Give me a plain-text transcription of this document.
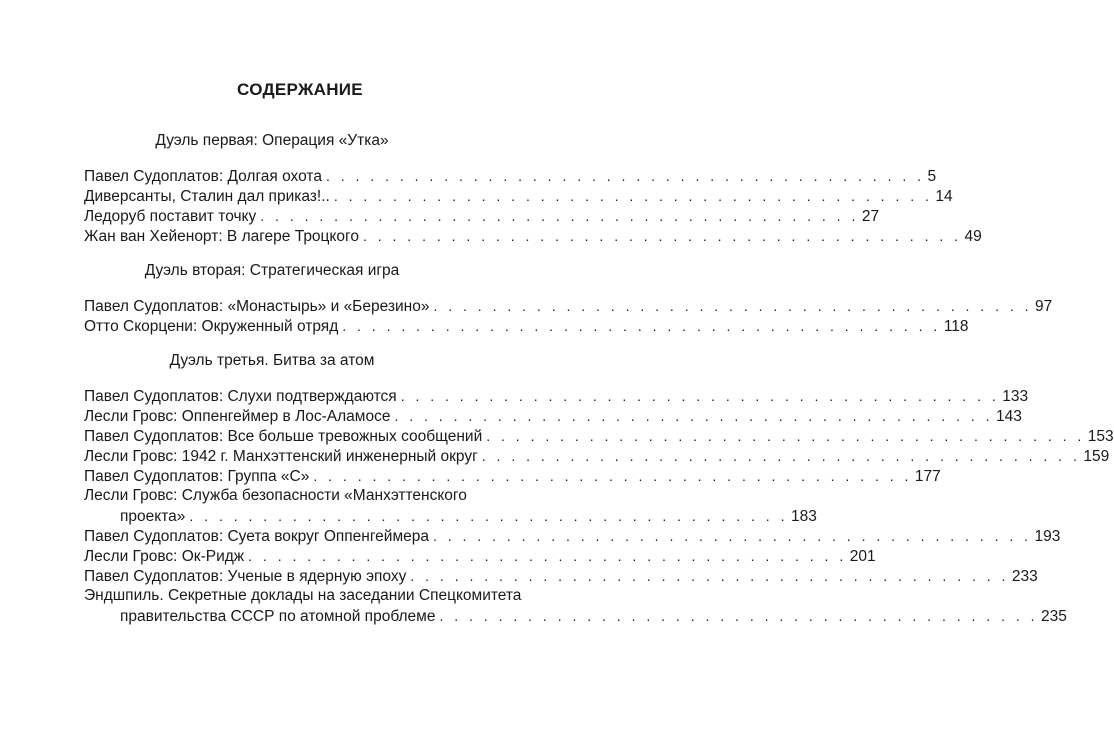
СОДЕРЖАНИЕ
Дуэль первая: Операция «Утка»
Павел Судоплатов: Долгая охота . . . . . . . . . . . . . . . . . . . . . . . . . . . . . . . . . . . . . . . . . 5
Диверсанты, Сталин дал приказ!.. . . . . . . . . . . . . . . . . . . . . . . . . . . . . . . . . . . . . . . . . . 14
Ледоруб поставит точку . . . . . . . . . . . . . . . . . . . . . . . . . . . . . . . . . . . . . . . . . 27
Жан ван Хейенорт: В лагере Троцкого . . . . . . . . . . . . . . . . . . . . . . . . . . . . . . . . . . . . . . . . . 49
Дуэль вторая: Стратегическая игра
Павел Судоплатов: «Монастырь» и «Березино» . . . . . . . . . . . . . . . . . . . . . . . . . . . . . . . . . . . . . . . . . 97
Отто Скорцени: Окруженный отряд . . . . . . . . . . . . . . . . . . . . . . . . . . . . . . . . . . . . . . . . . 118
Дуэль третья. Битва за атом
Павел Судоплатов: Слухи подтверждаются . . . . . . . . . . . . . . . . . . . . . . . . . . . . . . . . . . . . . . . . . 133
Лесли Гровс: Оппенгеймер в Лос-Аламосе . . . . . . . . . . . . . . . . . . . . . . . . . . . . . . . . . . . . . . . . . 143
Павел Судоплатов: Все больше тревожных сообщений . . . . . . . . . . . . . . . . . . . . . . . . . . . . . . . . . . . . . . . . . 153
Лесли Гровс: 1942 г. Манхэттенский инженерный округ . . . . . . . . . . . . . . . . . . . . . . . . . . . . . . . . . . . . . . . . . 159
Павел Судоплатов: Группа «С» . . . . . . . . . . . . . . . . . . . . . . . . . . . . . . . . . . . . . . . . . 177
Лесли Гровс: Служба безопасности «Манхэттенского
проекта» . . . . . . . . . . . . . . . . . . . . . . . . . . . . . . . . . . . . . . . . . 183
Павел Судоплатов: Суета вокруг Оппенгеймера . . . . . . . . . . . . . . . . . . . . . . . . . . . . . . . . . . . . . . . . . 193
Лесли Гровс: Ок-Ридж . . . . . . . . . . . . . . . . . . . . . . . . . . . . . . . . . . . . . . . . . 201
Павел Судоплатов: Ученые в ядерную эпоху . . . . . . . . . . . . . . . . . . . . . . . . . . . . . . . . . . . . . . . . . 233
Эндшпиль. Секретные доклады на заседании Спецкомитета
правительства СССР по атомной проблеме . . . . . . . . . . . . . . . . . . . . . . . . . . . . . . . . . . . . . . . . . 235
